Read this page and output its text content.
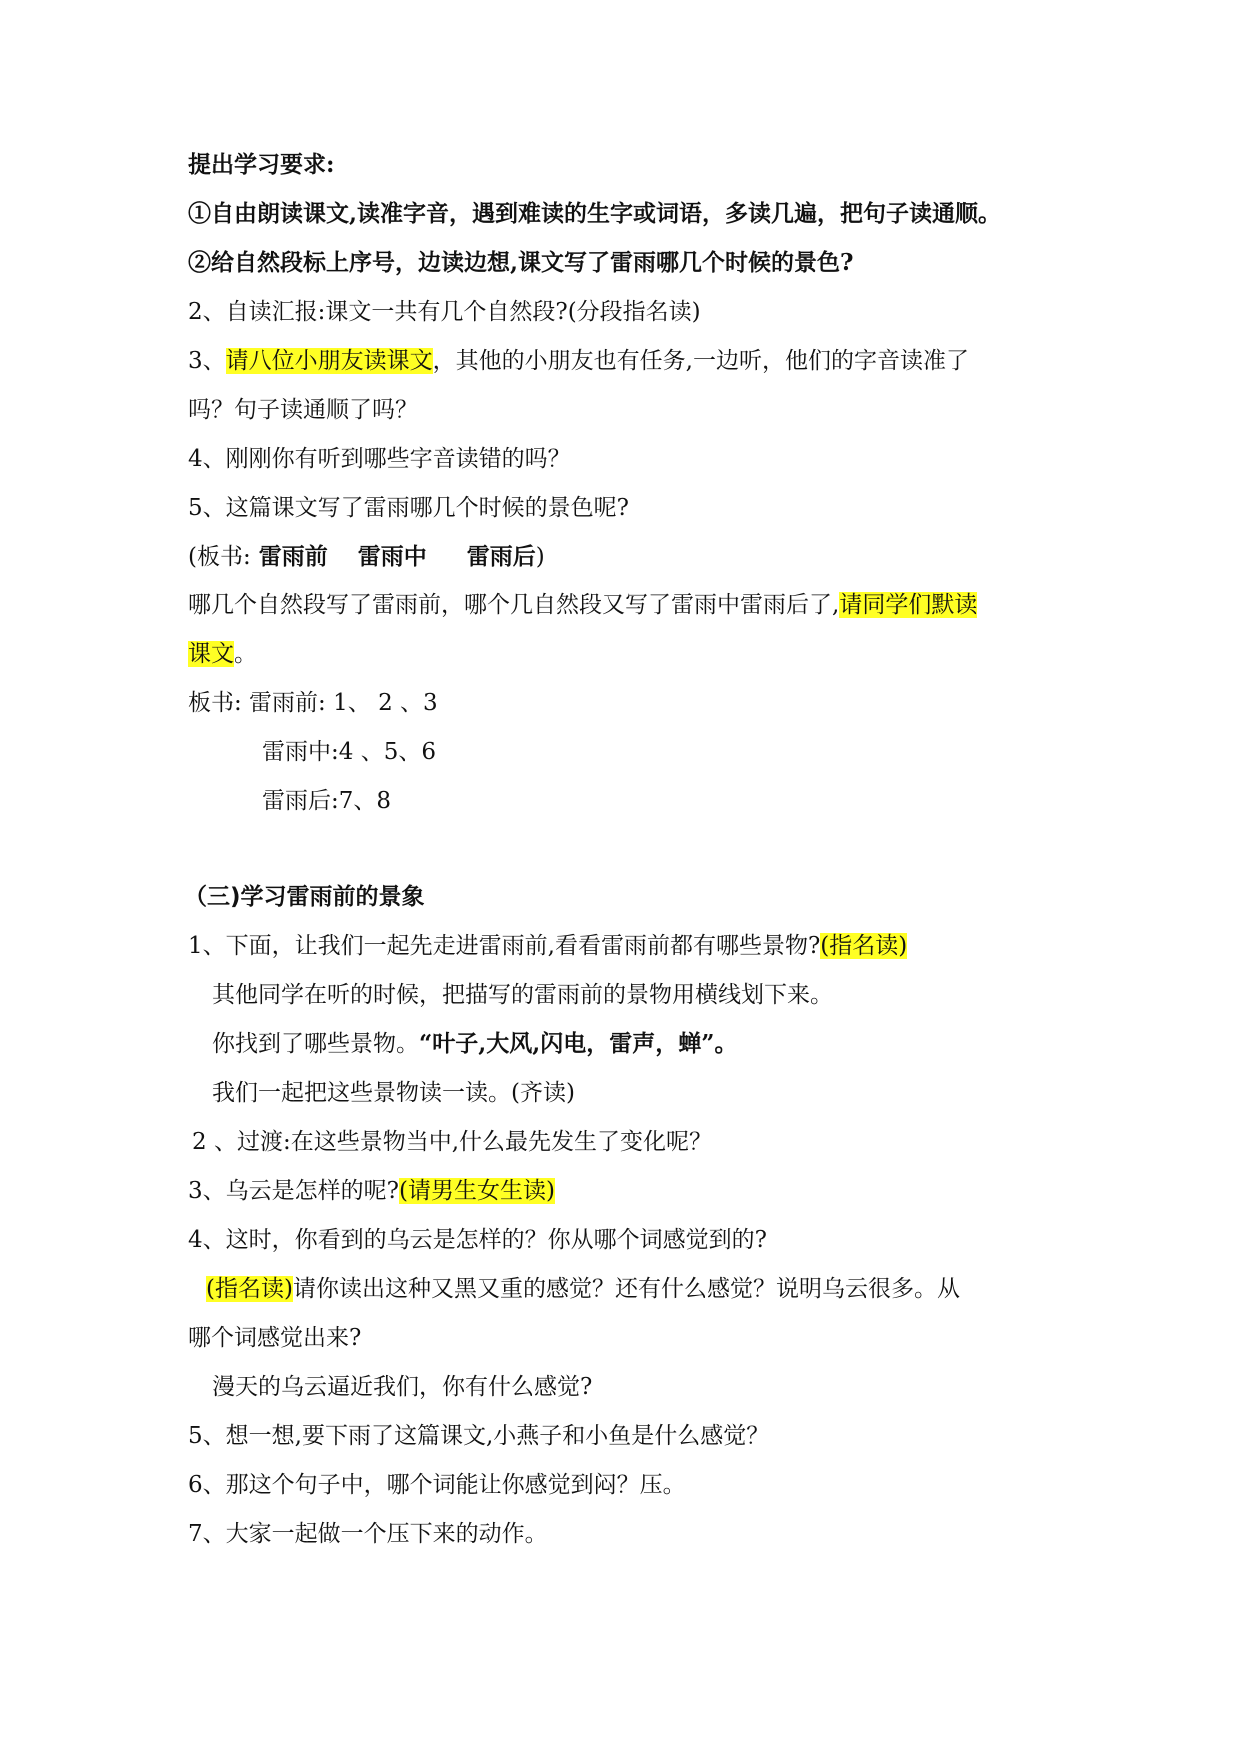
提出学习要求:
①自由朗读课文,读准字音，遇到难读的生字或词语，多读几遍，把句子读通顺。
②给自然段标上序号，边读边想,课文写了雷雨哪几个时候的景色?
2、自读汇报:课文一共有几个自然段?(分段指名读)
3、请八位小朋友读课文，其他的小朋友也有任务,一边听，他们的字音读准了
吗？句子读通顺了吗？
4、刚刚你有听到哪些字音读错的吗？
5、这篇课文写了雷雨哪几个时候的景色呢?
(板书: 雷雨前 雷雨中 雷雨后)
哪几个自然段写了雷雨前，哪个几自然段又写了雷雨中雷雨后了,请同学们默读
课文。
板书: 雷雨前: 1、 2 、3
雷雨中:4 、5、6
雷雨后:7、8
（三)学习雷雨前的景象
1、下面，让我们一起先走进雷雨前,看看雷雨前都有哪些景物?(指名读)
其他同学在听的时候，把描写的雷雨前的景物用横线划下来。
你找到了哪些景物。“叶子,大风,闪电，雷声，蝉”。
我们一起把这些景物读一读。(齐读)
2 、过渡:在这些景物当中,什么最先发生了变化呢？
3、乌云是怎样的呢?(请男生女生读)
4、这时，你看到的乌云是怎样的？你从哪个词感觉到的?
(指名读)请你读出这种又黑又重的感觉？还有什么感觉？说明乌云很多。从
哪个词感觉出来?
漫天的乌云逼近我们，你有什么感觉?
5、想一想,要下雨了这篇课文,小燕子和小鱼是什么感觉？
6、那这个句子中，哪个词能让你感觉到闷？压。
7、大家一起做一个压下来的动作。
